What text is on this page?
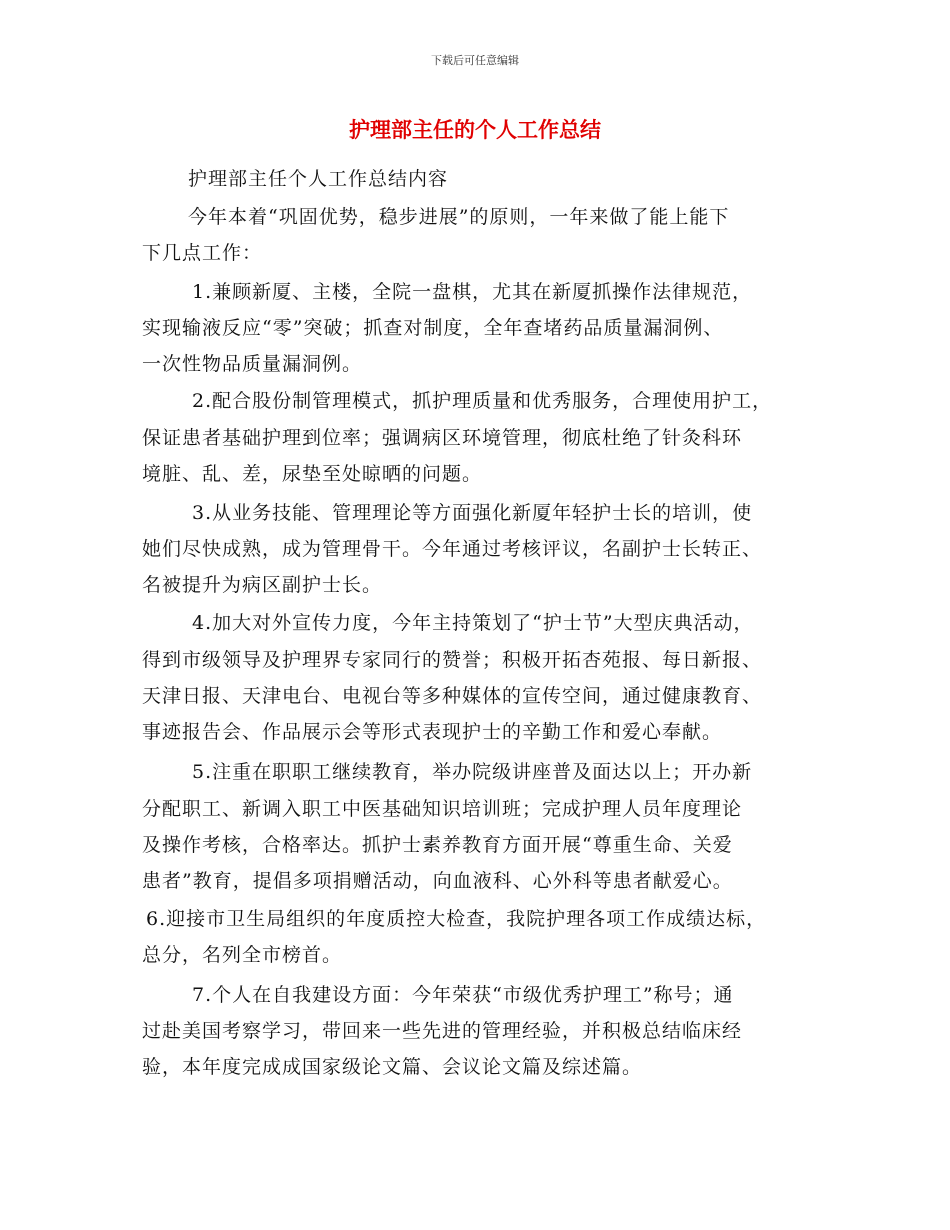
下载后可任意编辑
护理部主任的个人工作总结
护理部主任个人工作总结内容
今年本着“巩固优势，稳步进展”的原则，一年来做了能上能下
下几点工作：
1.兼顾新厦、主楼，全院一盘棋，尤其在新厦抓操作法律规范，
实现输液反应“零”突破；抓查对制度，全年查堵药品质量漏洞例、
一次性物品质量漏洞例。
2.配合股份制管理模式，抓护理质量和优秀服务，合理使用护工，
保证患者基础护理到位率；强调病区环境管理，彻底杜绝了针灸科环
境脏、乱、差，尿垫至处晾晒的问题。
3.从业务技能、管理理论等方面强化新厦年轻护士长的培训，使
她们尽快成熟，成为管理骨干。今年通过考核评议，名副护士长转正、
名被提升为病区副护士长。
4.加大对外宣传力度，今年主持策划了“护士节”大型庆典活动，
得到市级领导及护理界专家同行的赞誉；积极开拓杏苑报、每日新报、
天津日报、天津电台、电视台等多种媒体的宣传空间，通过健康教育、
事迹报告会、作品展示会等形式表现护士的辛勤工作和爱心奉献。
5.注重在职职工继续教育，举办院级讲座普及面达以上；开办新
分配职工、新调入职工中医基础知识培训班；完成护理人员年度理论
及操作考核，合格率达。抓护士素养教育方面开展“尊重生命、关爱
患者”教育，提倡多项捐赠活动，向血液科、心外科等患者献爱心。
6.迎接市卫生局组织的年度质控大检查，我院护理各项工作成绩达标，
总分，名列全市榜首。
7.个人在自我建设方面：今年荣获“市级优秀护理工”称号；通
过赴美国考察学习，带回来一些先进的管理经验，并积极总结临床经
验，本年度完成成国家级论文篇、会议论文篇及综述篇。
